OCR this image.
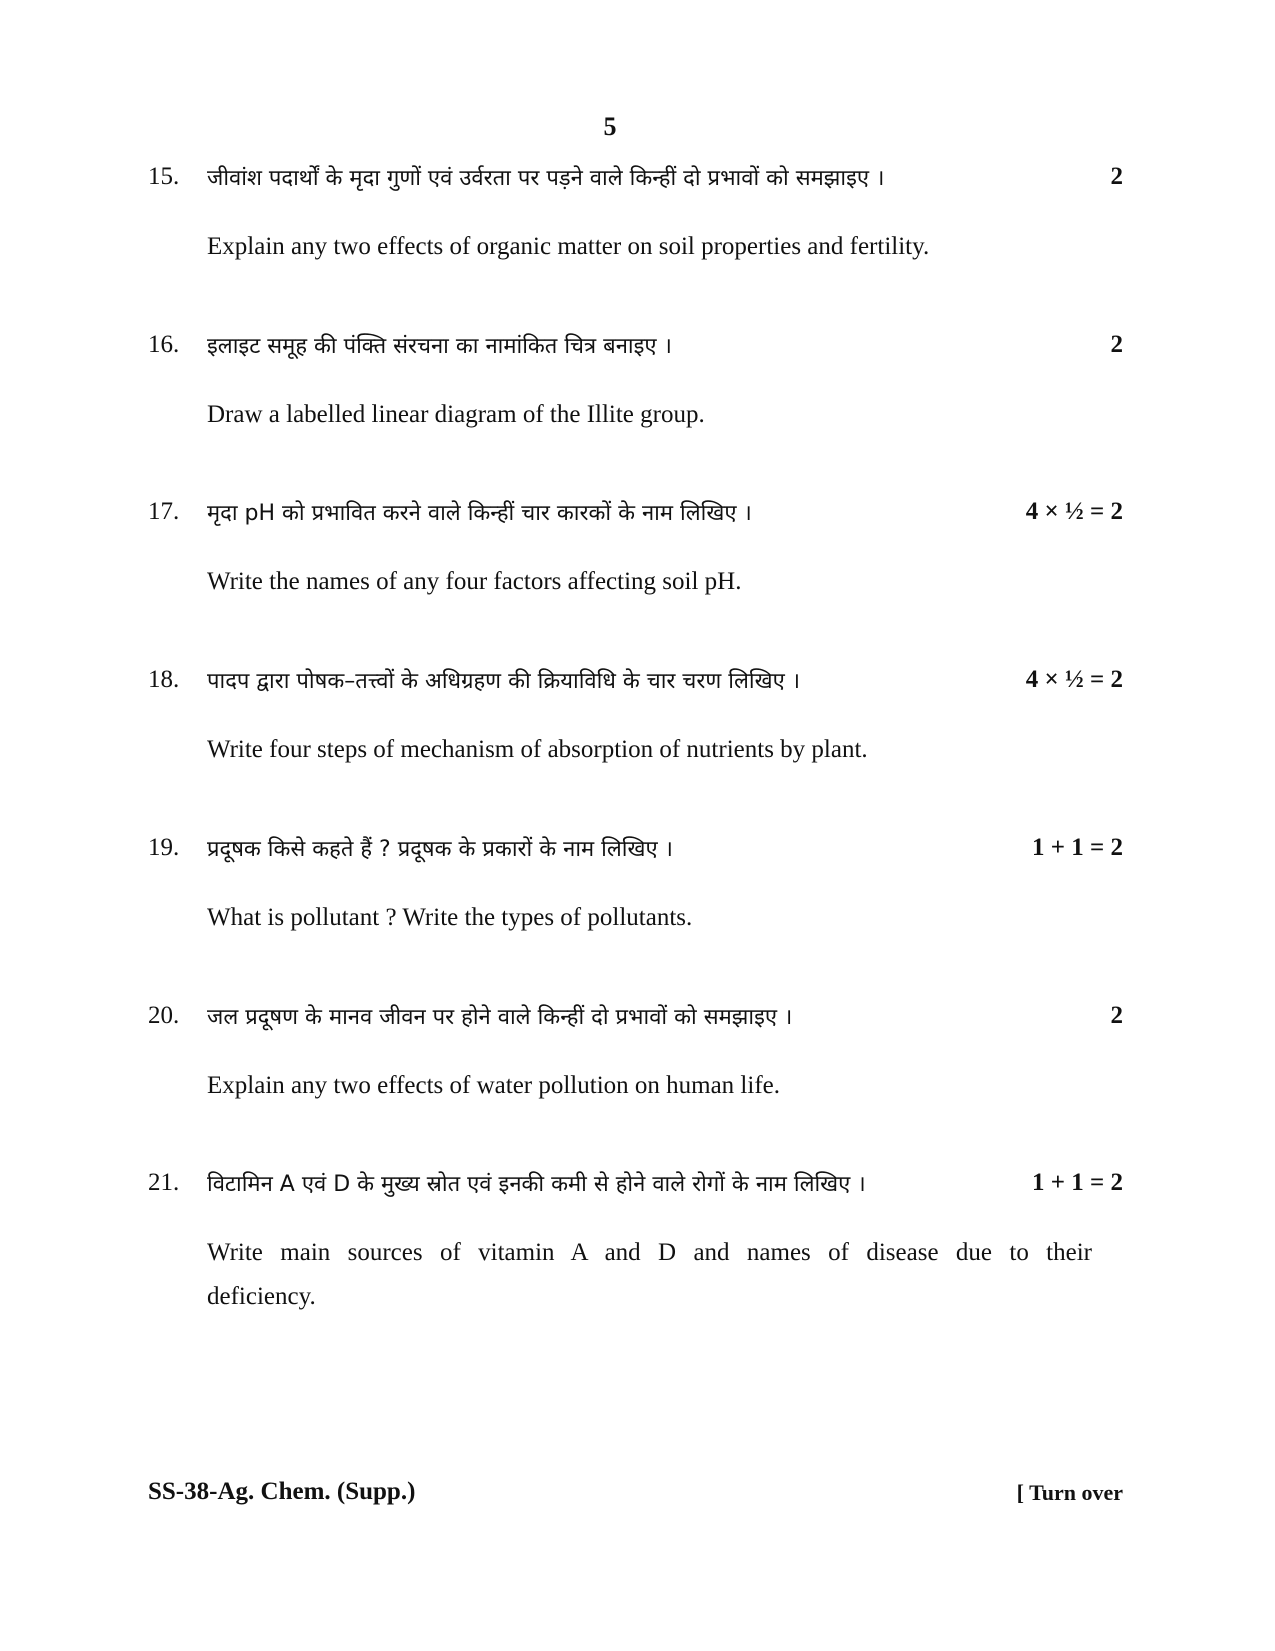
5
15. जीवांश पदार्थों के मृदा गुणों एवं उर्वरता पर पड़ने वाले किन्हीं दो प्रभावों को समझाइए ।	2
Explain any two effects of organic matter on soil properties and fertility.
16. इलाइट समूह की पंक्ति संरचना का नामांकित चित्र बनाइए ।	2
Draw a labelled linear diagram of the Illite group.
17. मृदा pH को प्रभावित करने वाले किन्हीं चार कारकों के नाम लिखिए ।	4 × ½ = 2
Write the names of any four factors affecting soil pH.
18. पादप द्वारा पोषक–तत्त्वों के अधिग्रहण की क्रियाविधि के चार चरण लिखिए ।	4 × ½ = 2
Write four steps of mechanism of absorption of nutrients by plant.
19. प्रदूषक किसे कहते हैं ? प्रदूषक के प्रकारों के नाम लिखिए ।	1 + 1 = 2
What is pollutant ? Write the types of pollutants.
20. जल प्रदूषण के मानव जीवन पर होने वाले किन्हीं दो प्रभावों को समझाइए ।	2
Explain any two effects of water pollution on human life.
21. विटामिन A एवं D के मुख्य स्रोत एवं इनकी कमी से होने वाले रोगों के नाम लिखिए ।	1 + 1 = 2
Write main sources of vitamin A and D and names of disease due to their deficiency.
SS-38-Ag. Chem. (Supp.)	[ Turn over
